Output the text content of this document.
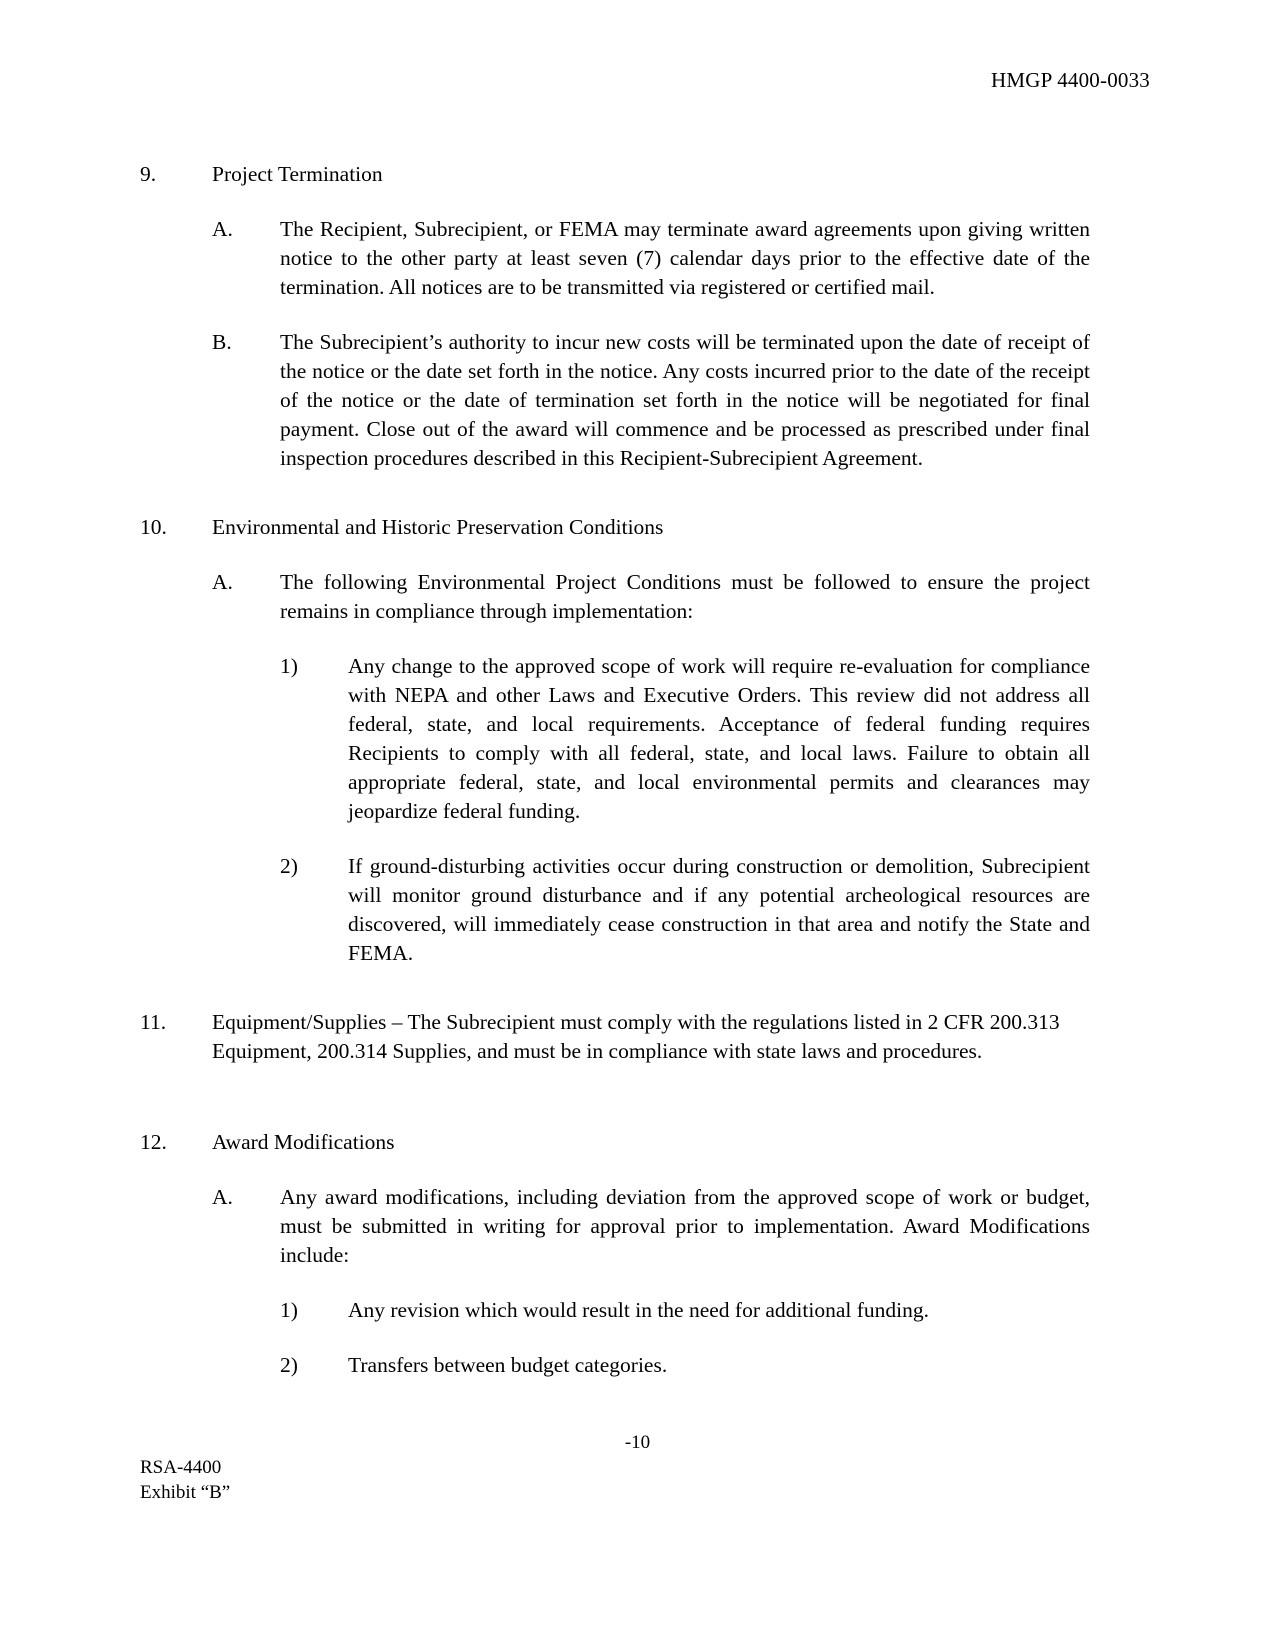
HMGP 4400-0033
9.	Project Termination
A.	The Recipient, Subrecipient, or FEMA may terminate award agreements upon giving written notice to the other party at least seven (7) calendar days prior to the effective date of the termination. All notices are to be transmitted via registered or certified mail.
B.	The Subrecipient’s authority to incur new costs will be terminated upon the date of receipt of the notice or the date set forth in the notice. Any costs incurred prior to the date of the receipt of the notice or the date of termination set forth in the notice will be negotiated for final payment. Close out of the award will commence and be processed as prescribed under final inspection procedures described in this Recipient-Subrecipient Agreement.
10.	Environmental and Historic Preservation Conditions
A.	The following Environmental Project Conditions must be followed to ensure the project remains in compliance through implementation:
1)	Any change to the approved scope of work will require re-evaluation for compliance with NEPA and other Laws and Executive Orders. This review did not address all federal, state, and local requirements. Acceptance of federal funding requires Recipients to comply with all federal, state, and local laws. Failure to obtain all appropriate federal, state, and local environmental permits and clearances may jeopardize federal funding.
2)	If ground-disturbing activities occur during construction or demolition, Subrecipient will monitor ground disturbance and if any potential archeological resources are discovered, will immediately cease construction in that area and notify the State and FEMA.
11.	Equipment/Supplies – The Subrecipient must comply with the regulations listed in 2 CFR 200.313 Equipment, 200.314 Supplies, and must be in compliance with state laws and procedures.
12.	Award Modifications
A.	Any award modifications, including deviation from the approved scope of work or budget, must be submitted in writing for approval prior to implementation. Award Modifications include:
1)	Any revision which would result in the need for additional funding.
2)	Transfers between budget categories.
-10
RSA-4400
Exhibit “B”
